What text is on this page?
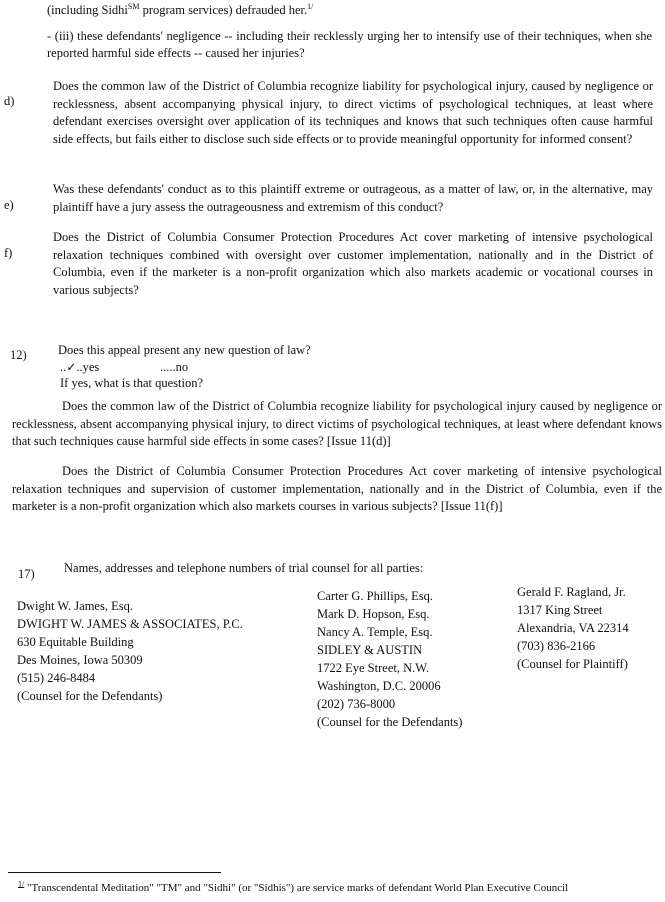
(including Sidhi℠ program services) defrauded her.$^{1/}$
- (iii) these defendants' negligence -- including their recklessly urging her to intensify use of their techniques, when she reported harmful side effects -- caused her injuries?
d)
Does the common law of the District of Columbia recognize liability for psychological injury, caused by negligence or recklessness, absent accompanying physical injury, to direct victims of psychological techniques, at least where defendant exercises oversight over application of its techniques and knows that such techniques often cause harmful side effects, but fails either to disclose such side effects or to provide meaningful opportunity for informed consent?
e)
Was these defendants' conduct as to this plaintiff extreme or outrageous, as a matter of law, or, in the alternative, may plaintiff have a jury assess the outrageousness and extremism of this conduct?
f)
Does the District of Columbia Consumer Protection Procedures Act cover marketing of intensive psychological relaxation techniques combined with oversight over customer implementation, nationally and in the District of Columbia, even if the marketer is a non-profit organization which also markets academic or vocational courses in various subjects?
12)	Does this appeal present any new question of law?
..✓..yes	.....no
If yes, what is that question?
Does the common law of the District of Columbia recognize liability for psychological injury caused by negligence or recklessness, absent accompanying physical injury, to direct victims of psychological techniques, at least where defendant knows that such techniques cause harmful side effects in some cases? [Issue 11(d)]
Does the District of Columbia Consumer Protection Procedures Act cover marketing of intensive psychological relaxation techniques and supervision of customer implementation, nationally and in the District of Columbia, even if the marketer is a non-profit organization which also markets courses in various subjects? [Issue 11(f)]
17) Names, addresses and telephone numbers of trial counsel for all parties:
Dwight W. James, Esq.
DWIGHT W. JAMES & ASSOCIATES, P.C.
630 Equitable Building
Des Moines, Iowa 50309
(515) 246-8484
(Counsel for the Defendants)
Carter G. Phillips, Esq.
Mark D. Hopson, Esq.
Nancy A. Temple, Esq.
SIDLEY & AUSTIN
1722 Eye Street, N.W.
Washington, D.C. 20006
(202) 736-8000
(Counsel for the Defendants)
Gerald F. Ragland, Jr.
1317 King Street
Alexandria, VA 22314
(703) 836-2166
(Counsel for Plaintiff)
$^{1/}$ "Transcendental Meditation" "TM" and "Sidhi" (or "Sidhis") are service marks of defendant World Plan Executive Council
